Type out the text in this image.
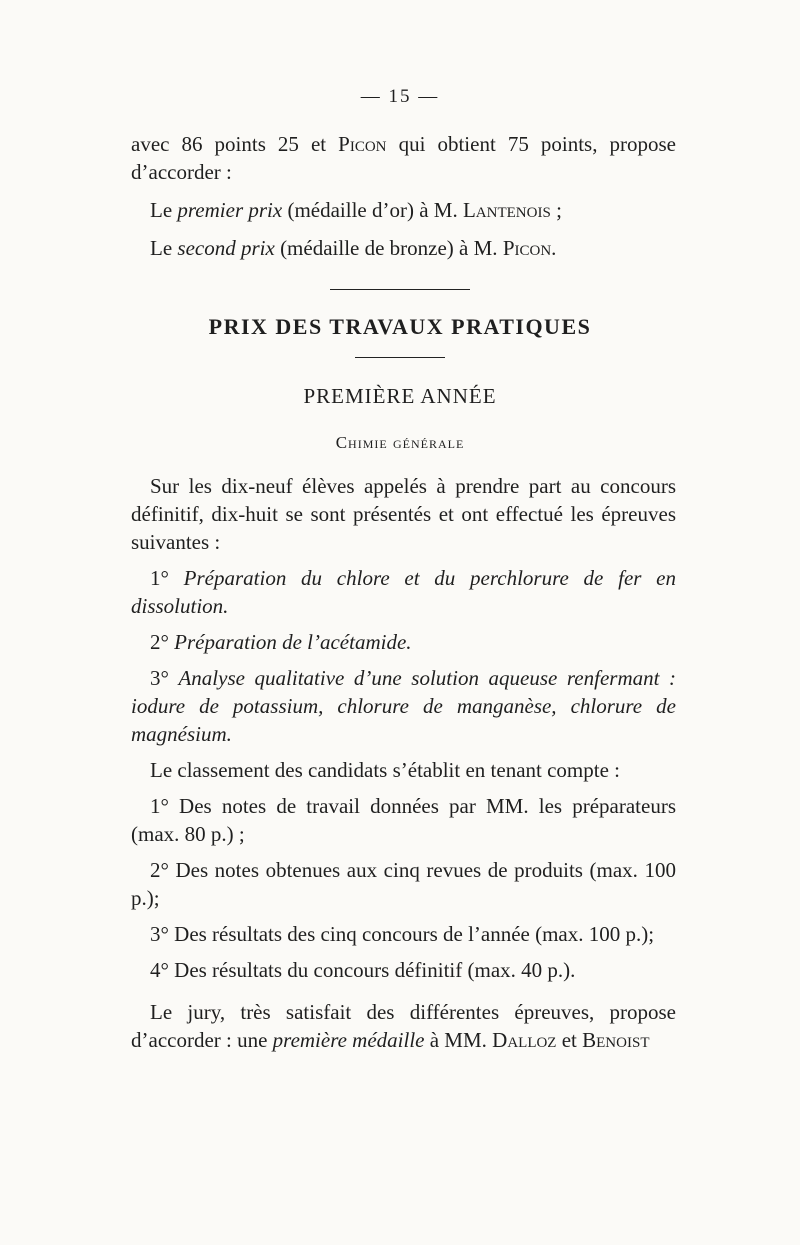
— 15 —

avec 86 points 25 et Picon qui obtient 75 points, propose d’accorder :

Le premier prix (médaille d’or) à M. Lantenois ;

Le second prix (médaille de bronze) à M. Picon.

PRIX DES TRAVAUX PRATIQUES
PREMIÈRE ANNÉE
Chimie générale

Sur les dix-neuf élèves appelés à prendre part au concours définitif, dix-huit se sont présentés et ont effectué les épreuves suivantes :

1° Préparation du chlore et du perchlorure de fer en dissolution.

2° Préparation de l’acétamide.

3° Analyse qualitative d’une solution aqueuse renfermant : iodure de potassium, chlorure de manganèse, chlorure de magnésium.

Le classement des candidats s’établit en tenant compte :

1° Des notes de travail données par MM. les préparateurs (max. 80 p.) ;

2° Des notes obtenues aux cinq revues de produits (max. 100 p.);

3° Des résultats des cinq concours de l’année (max. 100 p.);

4° Des résultats du concours définitif (max. 40 p.).

Le jury, très satisfait des différentes épreuves, propose d’accorder : une première médaille à MM. Dalloz et Benoist
